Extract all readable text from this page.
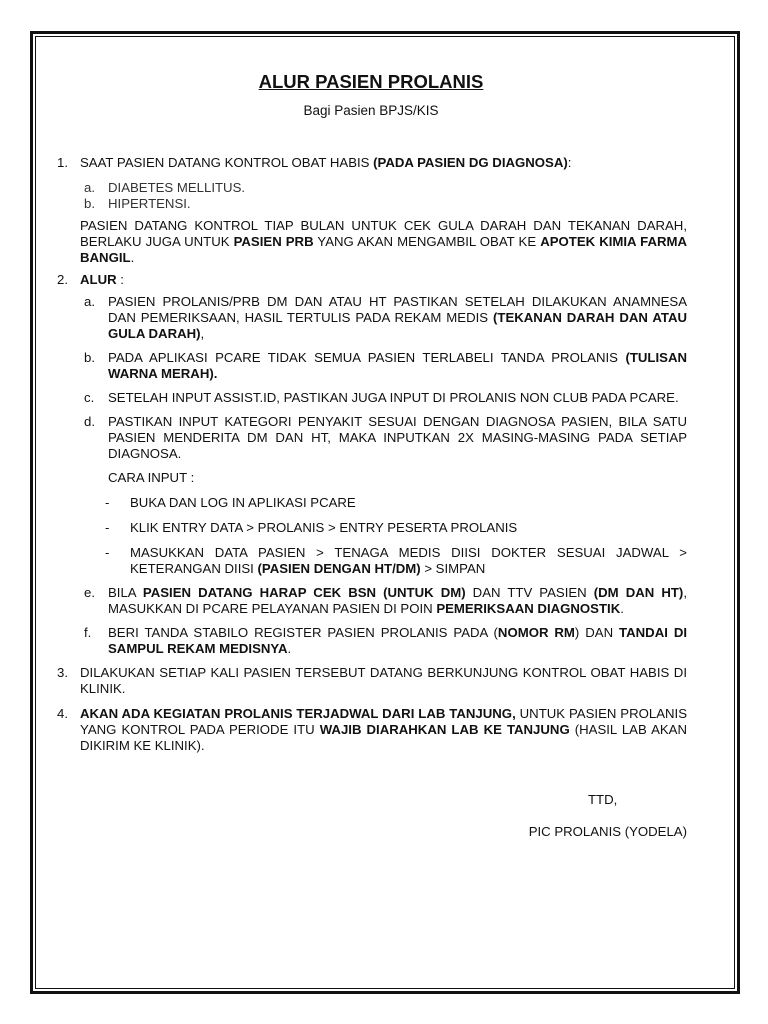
ALUR PASIEN PROLANIS
Bagi Pasien BPJS/KIS
1. SAAT PASIEN DATANG KONTROL OBAT HABIS (PADA PASIEN DG DIAGNOSA):
a. DIABETES MELLITUS.
b. HIPERTENSI.
PASIEN DATANG KONTROL TIAP BULAN UNTUK CEK GULA DARAH DAN TEKANAN DARAH, BERLAKU JUGA UNTUK PASIEN PRB YANG AKAN MENGAMBIL OBAT KE APOTEK KIMIA FARMA BANGIL.
2. ALUR :
a. PASIEN PROLANIS/PRB DM DAN ATAU HT PASTIKAN SETELAH DILAKUKAN ANAMNESA DAN PEMERIKSAAN, HASIL TERTULIS PADA REKAM MEDIS (TEKANAN DARAH DAN ATAU GULA DARAH),
b. PADA APLIKASI PCARE TIDAK SEMUA PASIEN TERLABELI TANDA PROLANIS (TULISAN WARNA MERAH).
c. SETELAH INPUT ASSIST.ID, PASTIKAN JUGA INPUT DI PROLANIS NON CLUB PADA PCARE.
d. PASTIKAN INPUT KATEGORI PENYAKIT SESUAI DENGAN DIAGNOSA PASIEN, BILA SATU PASIEN MENDERITA DM DAN HT, MAKA INPUTKAN 2X MASING-MASING PADA SETIAP DIAGNOSA.
CARA INPUT :
- BUKA DAN LOG IN APLIKASI PCARE
- KLIK ENTRY DATA > PROLANIS > ENTRY PESERTA PROLANIS
- MASUKKAN DATA PASIEN > TENAGA MEDIS DIISI DOKTER SESUAI JADWAL > KETERANGAN DIISI (PASIEN DENGAN HT/DM) > SIMPAN
e. BILA PASIEN DATANG HARAP CEK BSN (UNTUK DM) DAN TTV PASIEN (DM DAN HT), MASUKKAN DI PCARE PELAYANAN PASIEN DI POIN PEMERIKSAAN DIAGNOSTIK.
f. BERI TANDA STABILO REGISTER PASIEN PROLANIS PADA (NOMOR RM) DAN TANDAI DI SAMPUL REKAM MEDISNYA.
3. DILAKUKAN SETIAP KALI PASIEN TERSEBUT DATANG BERKUNJUNG KONTROL OBAT HABIS DI KLINIK.
4. AKAN ADA KEGIATAN PROLANIS TERJADWAL DARI LAB TANJUNG, UNTUK PASIEN PROLANIS YANG KONTROL PADA PERIODE ITU WAJIB DIARAHKAN LAB KE TANJUNG (HASIL LAB AKAN DIKIRIM KE KLINIK).
TTD,
PIC PROLANIS (YODELA)
